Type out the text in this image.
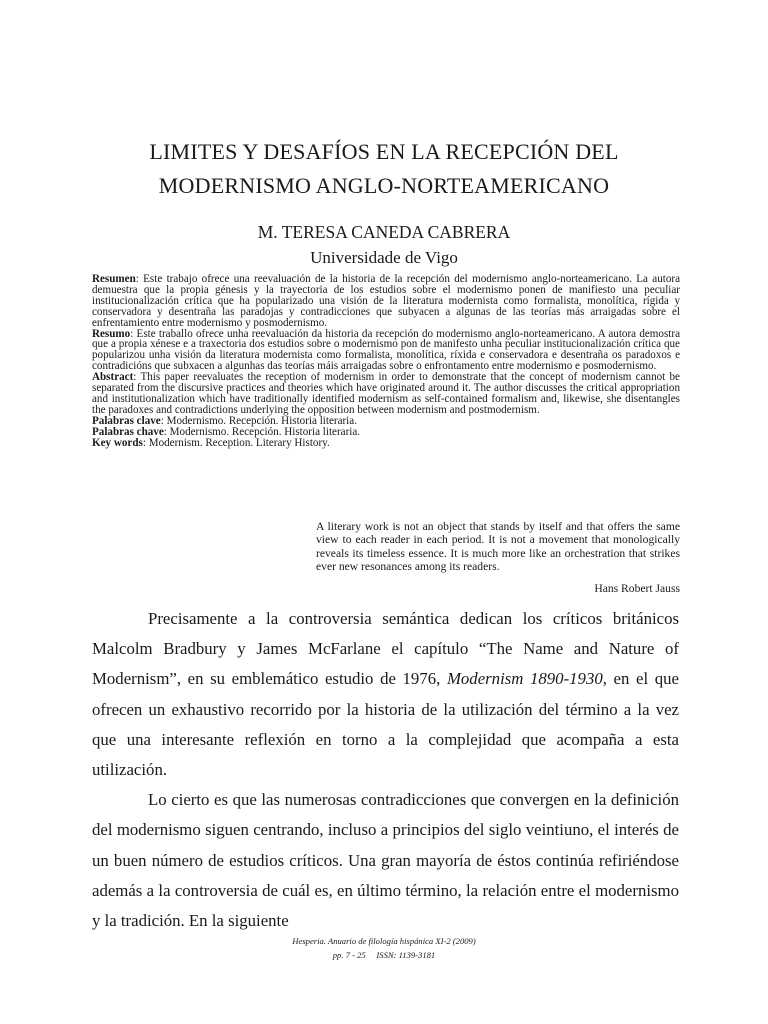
LIMITES Y DESAFÍOS EN LA RECEPCIÓN DEL
MODERNISMO ANGLO-NORTEAMERICANO
M. TERESA CANEDA CABRERA
Universidade de Vigo

Resumen: Este trabajo ofrece una reevaluación de la historia de la recepción del modernismo anglo-norteamericano. La autora demuestra que la propia génesis y la trayectoria de los estudios sobre el modernismo ponen de manifiesto una peculiar institucionalización crítica que ha popularizado una visión de la literatura modernista como formalista, monolítica, rígida y conservadora y desentraña las paradojas y contradicciones que subyacen a algunas de las teorías más arraigadas sobre el enfrentamiento entre modernismo y posmodernismo.

Resumo: Este traballo ofrece unha reevaluación da historia da recepción do modernismo anglo-norteamericano. A autora demostra que a propia xénese e a traxectoria dos estudios sobre o modernismo pon de manifesto unha peculiar institucionalización crítica que popularizou unha visión da literatura modernista como formalista, monolítica, ríxida e conservadora e desentraña os paradoxos e contradicións que subxacen a algunhas das teorías máis arraigadas sobre o enfrontamento entre modernismo e posmodernismo.

Abstract: This paper reevaluates the reception of modernism in order to demonstrate that the concept of modernism cannot be separated from the discursive practices and theories which have originated around it. The author discusses the critical appropriation and institutionalization which have traditionally identified modernism as self-contained formalism and, likewise, she disentangles the paradoxes and contradictions underlying the opposition between modernism and postmodernism.

Palabras clave: Modernismo. Recepción. Historia literaria.

Palabras chave: Modernismo. Recepción. Historia literaria.

Key words: Modernism. Reception. Literary History.

A literary work is not an object that stands by itself and that offers the same view to each reader in each period. It is not a movement that monologically reveals its timeless essence. It is much more like an orchestration that strikes ever new resonances among its readers.
Hans Robert Jauss

Precisamente a la controversia semántica dedican los críticos británicos Malcolm Bradbury y James McFarlane el capítulo “The Name and Nature of Modernism”, en su emblemático estudio de 1976, Modernism 1890-1930, en el que ofrecen un exhaustivo recorrido por la historia de la utilización del término a la vez que una interesante reflexión en torno a la complejidad que acompaña a esta utilización.

Lo cierto es que las numerosas contradicciones que convergen en la definición del modernismo siguen centrando, incluso a principios del siglo veintiuno, el interés de un buen número de estudios críticos. Una gran mayoría de éstos continúa refiriéndose además a la controversia de cuál es, en último término, la relación entre el modernismo y la tradición. En la siguiente

Hesperia. Anuario de filología hispánica XI-2 (2009)
pp. 7 - 25     ISSN: 1139-3181
